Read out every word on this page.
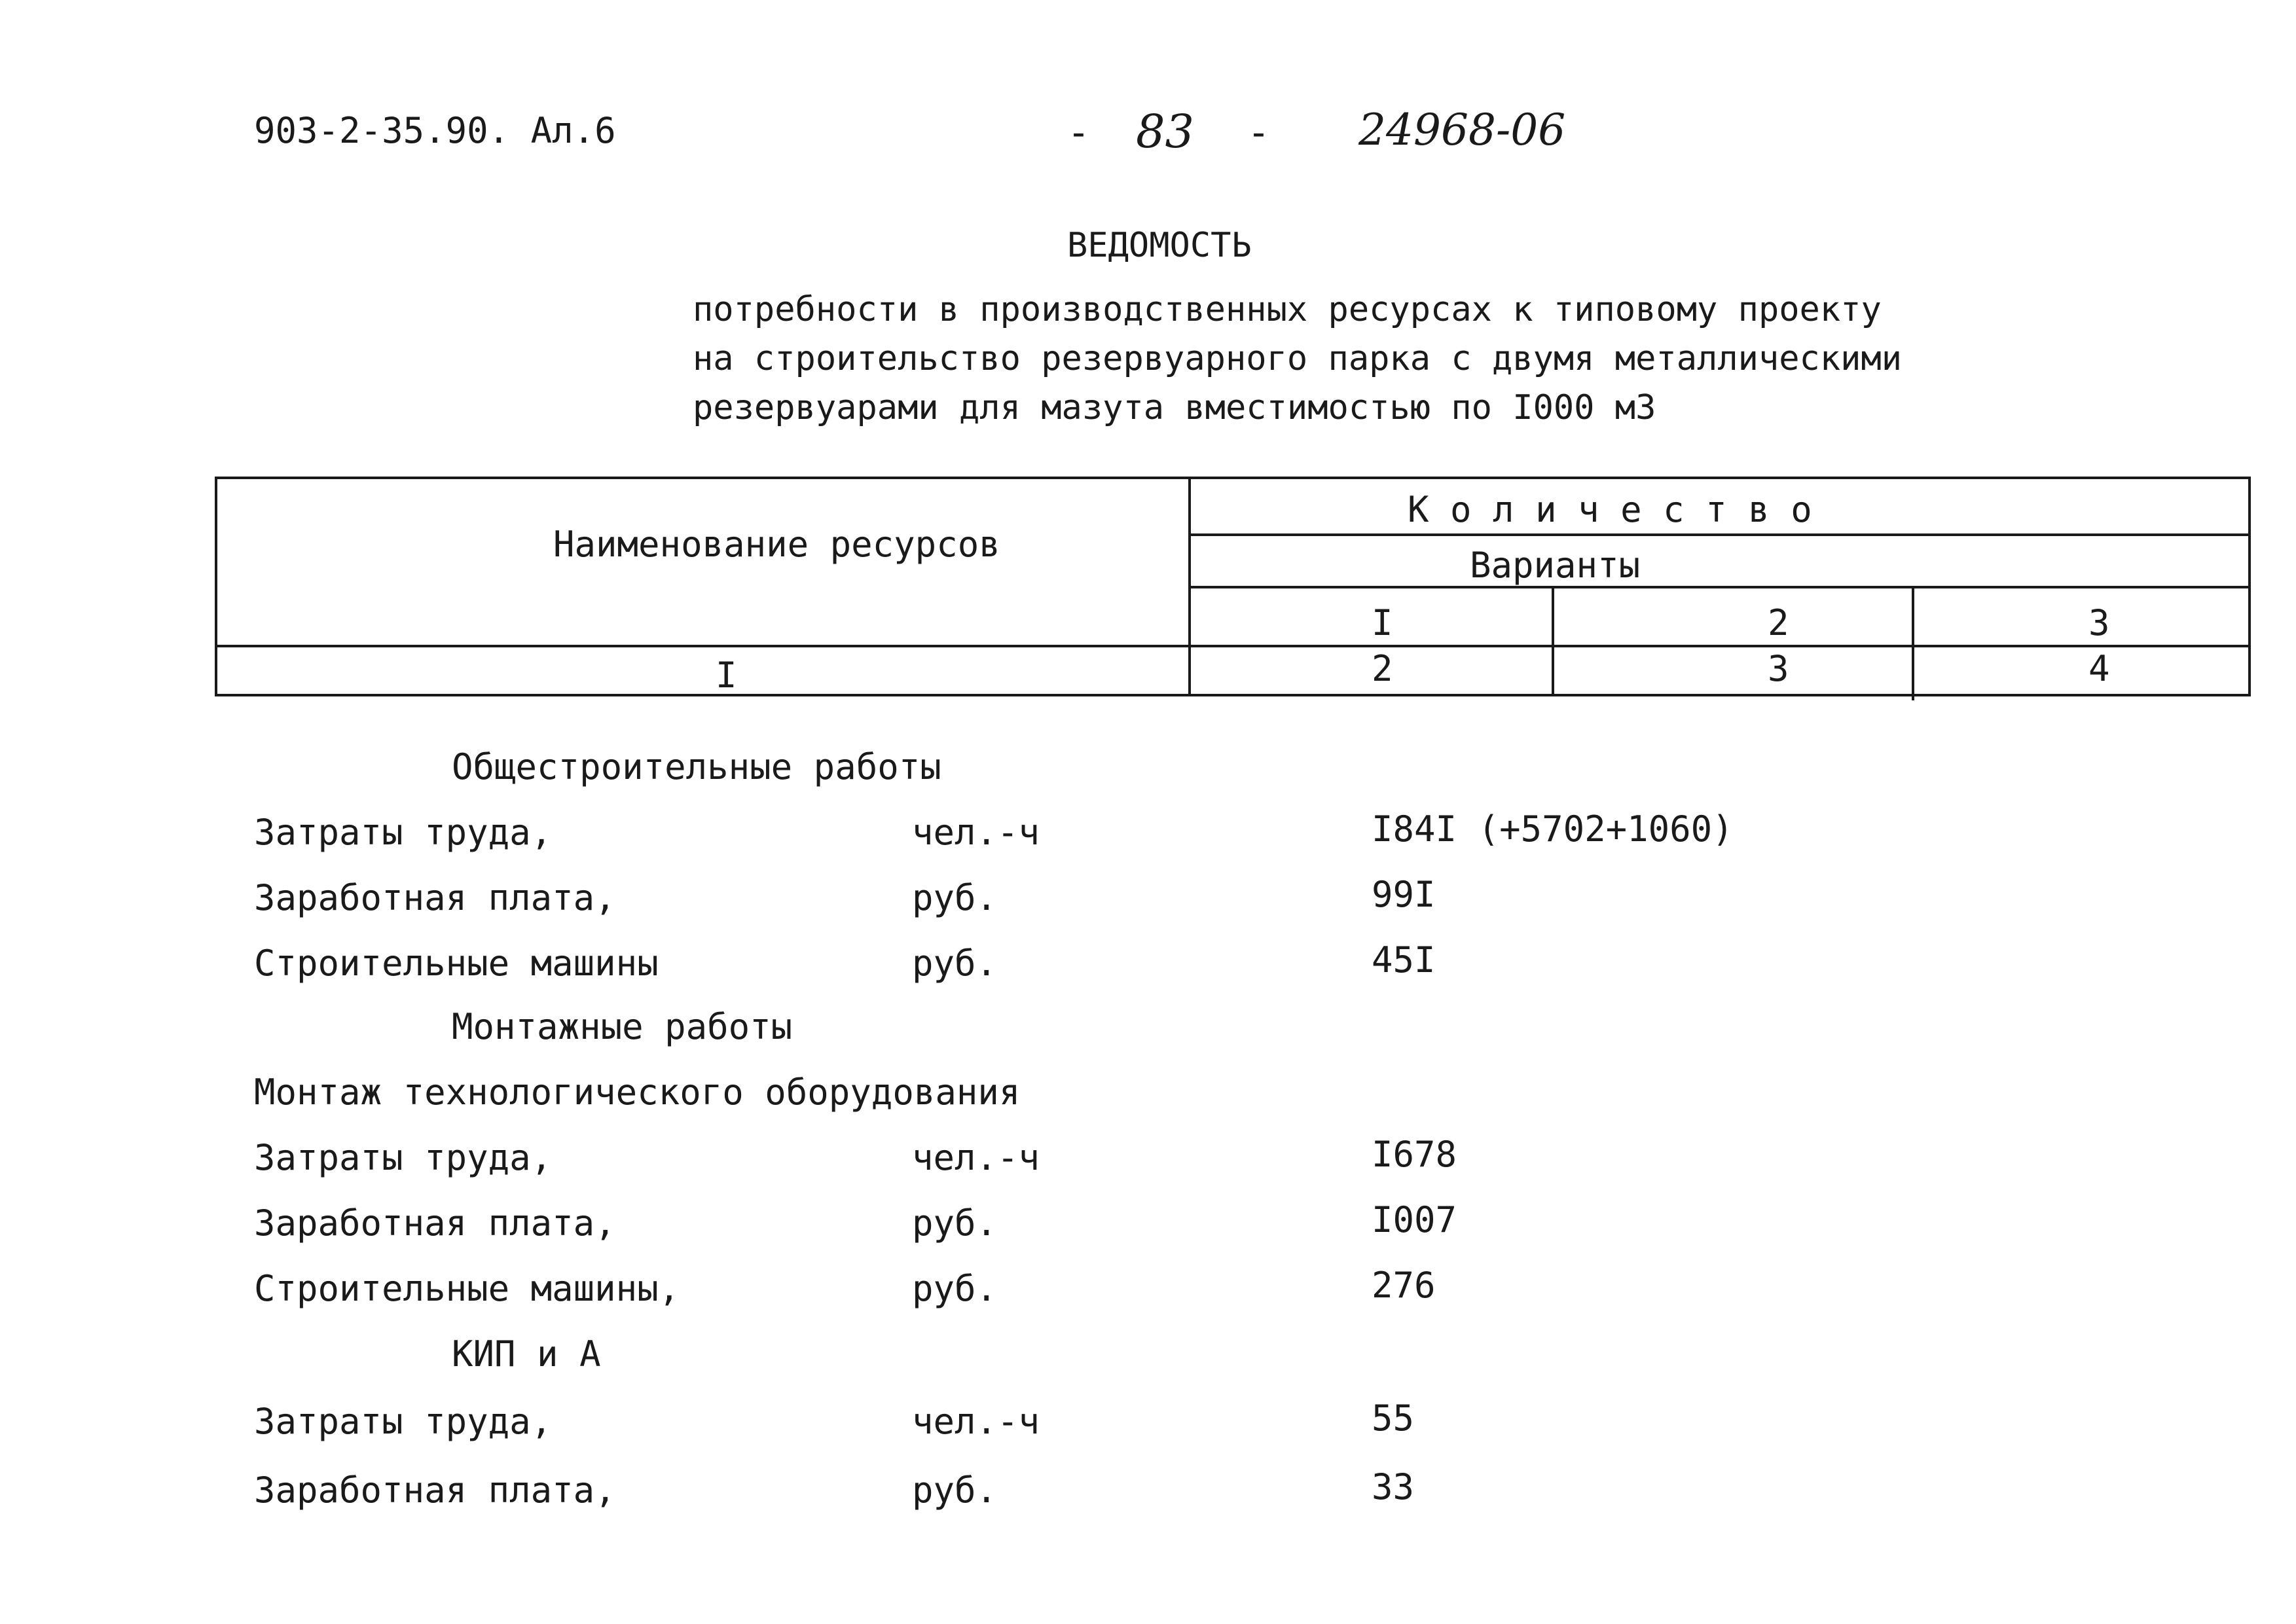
903-2-35.90. Ал.6	- 83 - 24968-06
ВЕДОМОСТЬ
потребности в производственных ресурсах к типовому проекту
на строительство резервуарного парка с двумя металлическими
резервуарами для мазута вместимостью по I000 м3
Наименование ресурсов
К о л и ч е с т в о
Варианты
I	2	3
I	2	3	4
Общестроительные работы
Затраты труда,	чел.-ч	I84I (+5702+1060)
Заработная плата,	руб.	99I
Строительные машины	руб.	45I
Монтажные работы
Монтаж технологического оборудования
Затраты труда,	чел.-ч	I678
Заработная плата,	руб.	I007
Строительные машины,	руб.	276
КИП и А
Затраты труда,	чел.-ч	55
Заработная плата,	руб.	33
